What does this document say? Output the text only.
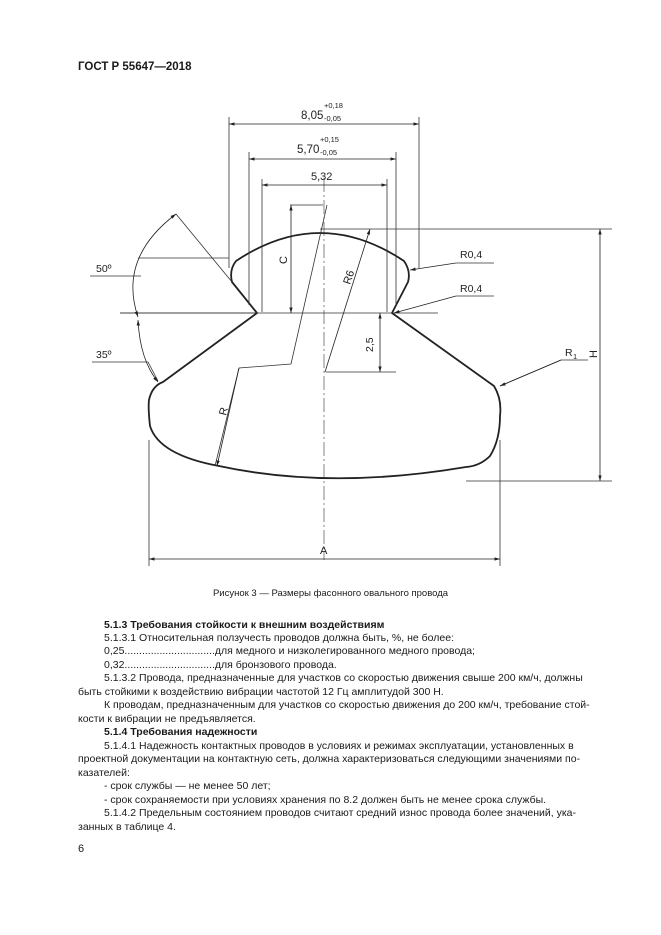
ГОСТ Р 55647—2018
8,05
+0,18
-0,05
5,70
+0,15
-0,05
5,32
C
R6
R0,4
R0,4
2,5
R 1 H
R
A
50º
35º
Рисунок 3 — Размеры фасонного овального провода
5.1.3 Требования стойкости к внешним воздействиям
5.1.3.1 Относительная ползучесть проводов должна быть, %, не более:
0,25...............................для медного и низколегированного медного провода;
0,32...............................для бронзового провода.
5.1.3.2 Провода, предназначенные для участков со скоростью движения свыше 200 км/ч, должны
быть стойкими к воздействию вибрации частотой 12 Гц амплитудой 300 Н.
К проводам, предназначенным для участков со скоростью движения до 200 км/ч, требование стой-
кости к вибрации не предъявляется.
5.1.4 Требования надежности
5.1.4.1 Надежность контактных проводов в условиях и режимах эксплуатации, установленных в
проектной документации на контактную сеть, должна характеризоваться следующими значениями по-
казателей:
- срок службы — не менее 50 лет;
- срок сохраняемости при условиях хранения по 8.2 должен быть не менее срока службы.
5.1.4.2 Предельным состоянием проводов считают средний износ провода более значений, ука-
занных в таблице 4.
6
